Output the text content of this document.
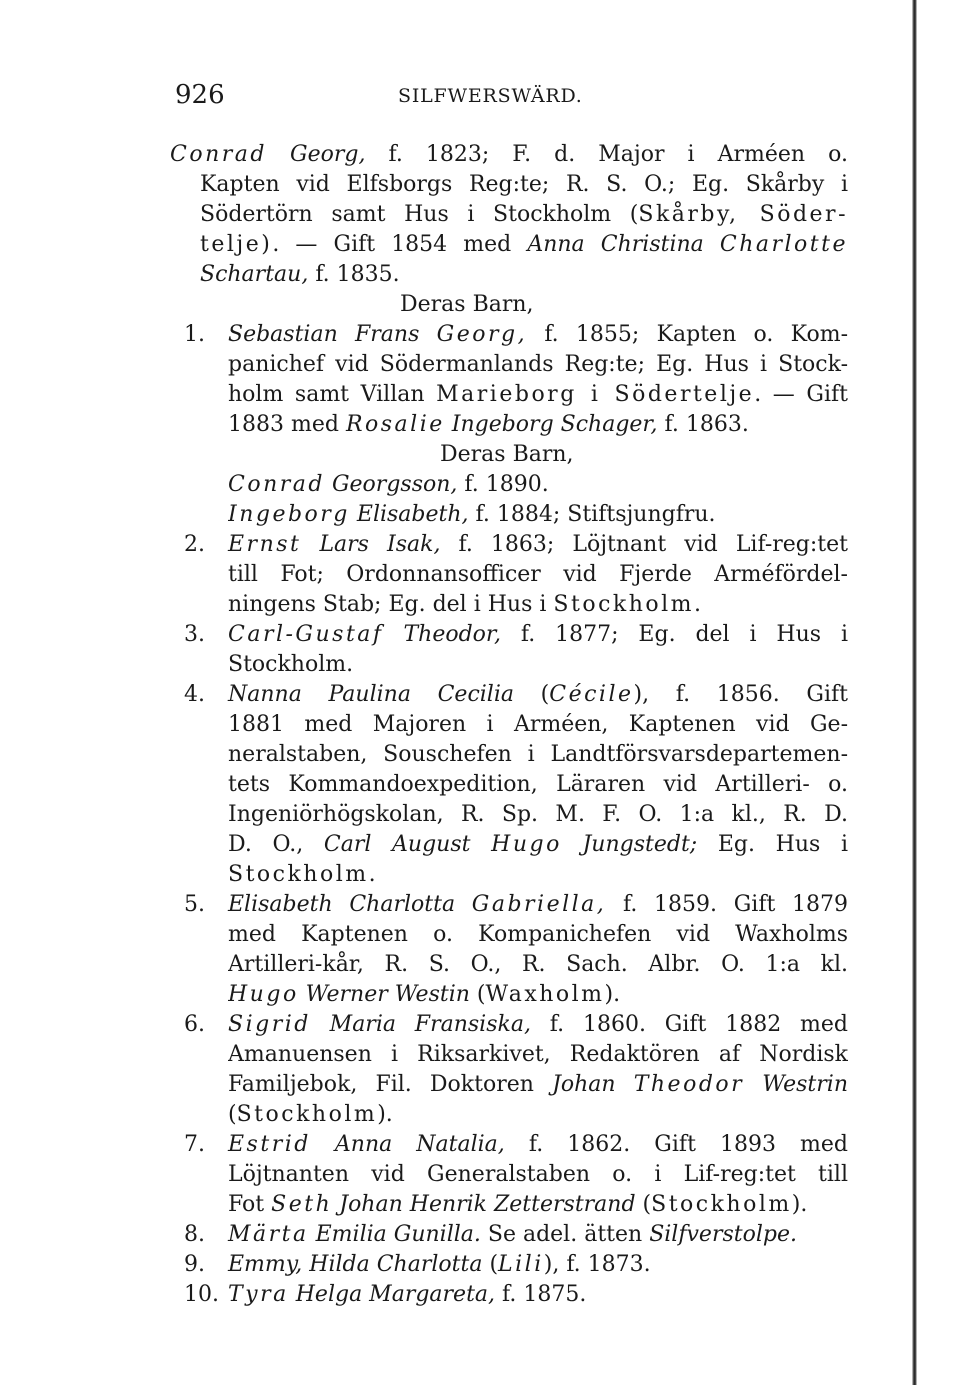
926	SILFWERSWÄRD.
Conrad Georg, f. 1823; F. d. Major i Arméen o.
Kapten vid Elfsborgs Reg:te; R. S. O.; Eg. Skårby i
Södertörn samt Hus i Stockholm (Skårby, Söder-
telje). — Gift 1854 med Anna Christina Charlotte
Schartau, f. 1835.
Deras Barn,
1.	Sebastian Frans Georg, f. 1855; Kapten o. Kom-
panichef vid Södermanlands Reg:te; Eg. Hus i Stock-
holm samt Villan Marieborg i Södertelje. — Gift
1883 med Rosalie Ingeborg Schager, f. 1863.
Deras Barn,
Conrad Georgsson, f. 1890.
Ingeborg Elisabeth, f. 1884; Stiftsjungfru.
2.	Ernst Lars Isak, f. 1863; Löjtnant vid Lif-reg:tet
till Fot; Ordonnansofficer vid Fjerde Arméfördel-
ningens Stab; Eg. del i Hus i Stockholm.
3.	Carl-Gustaf Theodor, f. 1877; Eg. del i Hus i
Stockholm.
4.	Nanna Paulina Cecilia (Cécile), f. 1856. Gift
1881 med Majoren i Arméen, Kaptenen vid Ge-
neralstaben, Souschefen i Landtförsvarsdepartemen-
tets Kommandoexpedition, Läraren vid Artilleri- o.
Ingeniörhögskolan, R. Sp. M. F. O. 1:a kl., R. D.
D. O., Carl August Hugo Jungstedt; Eg. Hus i
Stockholm.
5.	Elisabeth Charlotta Gabriella, f. 1859. Gift 1879
med Kaptenen o. Kompanichefen vid Waxholms
Artilleri-kår, R. S. O., R. Sach. Albr. O. 1:a kl.
Hugo Werner Westin (Waxholm).
6.	Sigrid Maria Fransiska, f. 1860. Gift 1882 med
Amanuensen i Riksarkivet, Redaktören af Nordisk
Familjebok, Fil. Doktoren Johan Theodor Westrin
(Stockholm).
7.	Estrid Anna Natalia, f. 1862. Gift 1893 med
Löjtnanten vid Generalstaben o. i Lif-reg:tet till
Fot Seth Johan Henrik Zetterstrand (Stockholm).
8.	Märta Emilia Gunilla. Se adel. ätten Silfverstolpe.
9.	Emmy, Hilda Charlotta (Lili), f. 1873.
10. Tyra Helga Margareta, f. 1875.
